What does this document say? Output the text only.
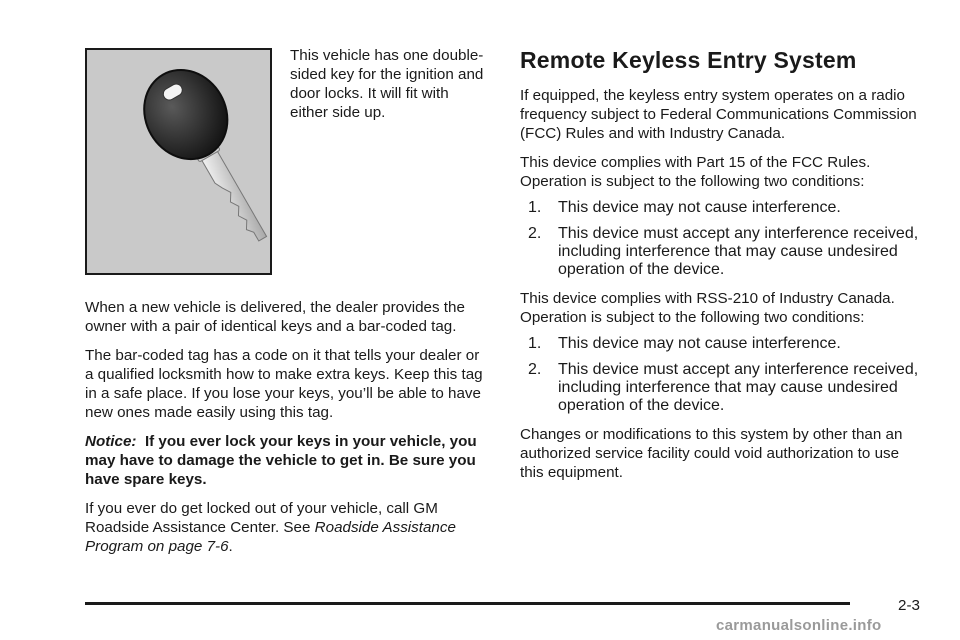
This vehicle has one double-sided key for the ignition and door locks. It will fit with either side up.

When a new vehicle is delivered, the dealer provides the owner with a pair of identical keys and a bar-coded tag.

The bar-coded tag has a code on it that tells your dealer or a qualified locksmith how to make extra keys. Keep this tag in a safe place. If you lose your keys, you’ll be able to have new ones made easily using this tag.

Notice: If you ever lock your keys in your vehicle, you may have to damage the vehicle to get in. Be sure you have spare keys.

If you ever do get locked out of your vehicle, call GM Roadside Assistance Center. See Roadside Assistance Program on page 7-6.

Remote Keyless Entry System

If equipped, the keyless entry system operates on a radio frequency subject to Federal Communications Commission (FCC) Rules and with Industry Canada.

This device complies with Part 15 of the FCC Rules. Operation is subject to the following two conditions:

1.	This device may not cause interference.
2.	This device must accept any interference received, including interference that may cause undesired operation of the device.

This device complies with RSS-210 of Industry Canada. Operation is subject to the following two conditions:

1.	This device may not cause interference.
2.	This device must accept any interference received, including interference that may cause undesired operation of the device.

Changes or modifications to this system by other than an authorized service facility could void authorization to use this equipment.

2-3
carmanualsonline.info
